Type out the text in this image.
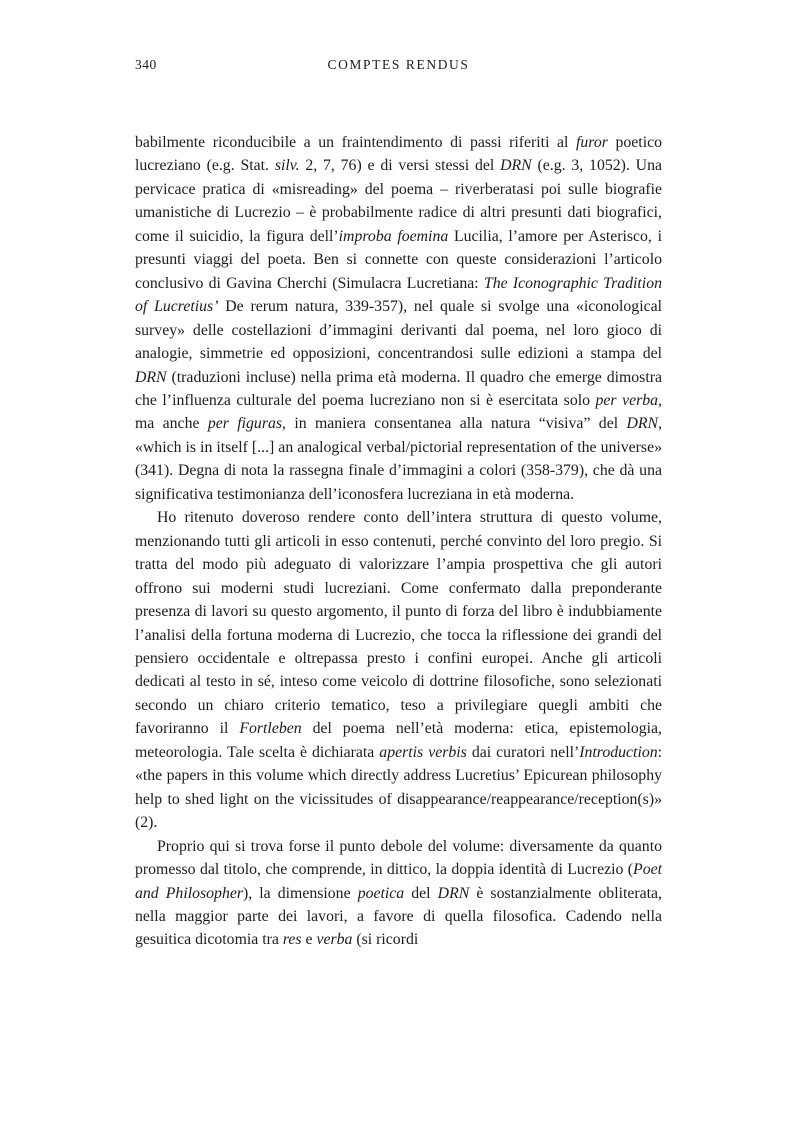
340	COMPTES RENDUS

babilmente riconducibile a un fraintendimento di passi riferiti al furor poetico lucreziano (e.g. Stat. silv. 2, 7, 76) e di versi stessi del DRN (e.g. 3, 1052). Una pervicace pratica di «misreading» del poema – riverberatasi poi sulle biografie umanistiche di Lucrezio – è probabilmente radice di altri presunti dati biografici, come il suicidio, la figura dell’improba foemina Lucilia, l’amore per Asterisco, i presunti viaggi del poeta. Ben si connette con queste considerazioni l’articolo conclusivo di Gavina Cherchi (Simulacra Lucretiana: The Iconographic Tradition of Lucretius’ De rerum natura, 339-357), nel quale si svolge una «iconological survey» delle costellazioni d’immagini derivanti dal poema, nel loro gioco di analogie, simmetrie ed opposizioni, concentrandosi sulle edizioni a stampa del DRN (traduzioni incluse) nella prima età moderna. Il quadro che emerge dimostra che l’influenza culturale del poema lucreziano non si è esercitata solo per verba, ma anche per figuras, in maniera consentanea alla natura “visiva” del DRN, «which is in itself [...] an analogical verbal/pictorial representation of the universe» (341). Degna di nota la rassegna finale d’immagini a colori (358-379), che dà una significativa testimonianza dell’iconosfera lucreziana in età moderna.

Ho ritenuto doveroso rendere conto dell’intera struttura di questo volume, menzionando tutti gli articoli in esso contenuti, perché convinto del loro pregio. Si tratta del modo più adeguato di valorizzare l’ampia prospettiva che gli autori offrono sui moderni studi lucreziani. Come confermato dalla preponderante presenza di lavori su questo argomento, il punto di forza del libro è indubbiamente l’analisi della fortuna moderna di Lucrezio, che tocca la riflessione dei grandi del pensiero occidentale e oltrepassa presto i confini europei. Anche gli articoli dedicati al testo in sé, inteso come veicolo di dottrine filosofiche, sono selezionati secondo un chiaro criterio tematico, teso a privilegiare quegli ambiti che favoriranno il Fortleben del poema nell’età moderna: etica, epistemologia, meteorologia. Tale scelta è dichiarata apertis verbis dai curatori nell’Introduction: «the papers in this volume which directly address Lucretius’ Epicurean philosophy help to shed light on the vicissitudes of disappearance/reappearance/reception(s)» (2).

Proprio qui si trova forse il punto debole del volume: diversamente da quanto promesso dal titolo, che comprende, in dittico, la doppia identità di Lucrezio (Poet and Philosopher), la dimensione poetica del DRN è sostanzialmente obliterata, nella maggior parte dei lavori, a favore di quella filosofica. Cadendo nella gesuitica dicotomia tra res e verba (si ricordi
